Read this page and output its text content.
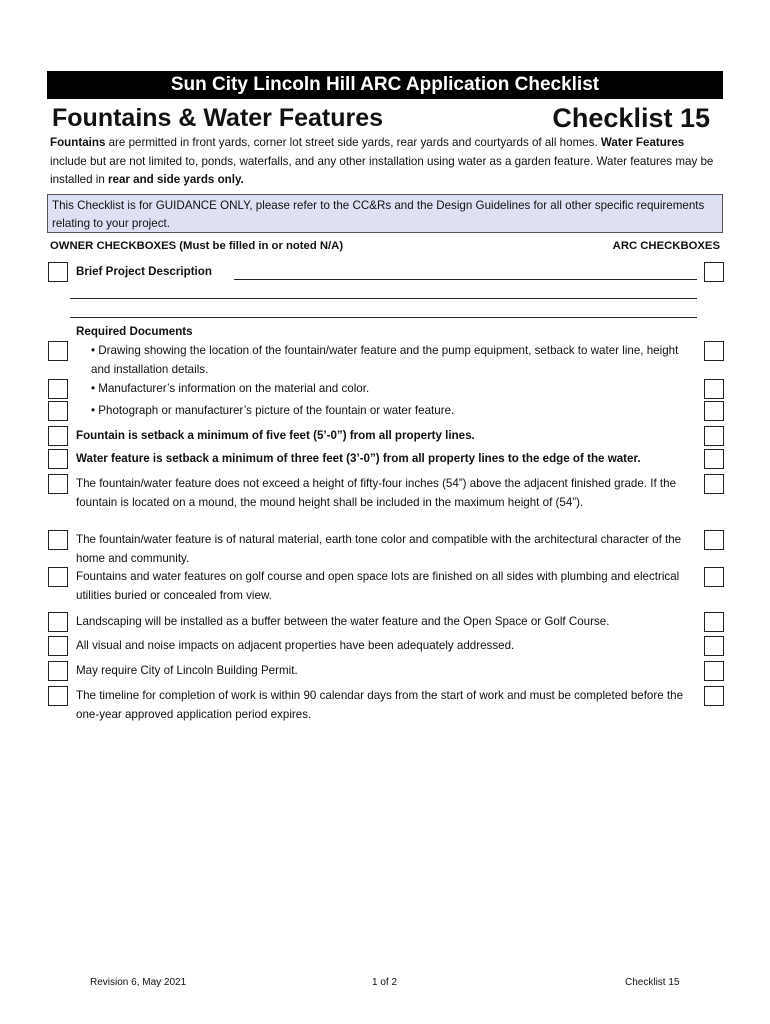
Sun City Lincoln Hill ARC Application Checklist
Fountains & Water Features	Checklist 15
Fountains are permitted in front yards, corner lot street side yards, rear yards and courtyards of all homes. Water Features include but are not limited to, ponds, waterfalls, and any other installation using water as a garden feature. Water features may be installed in rear and side yards only.
This Checklist is for GUIDANCE ONLY, please refer to the CC&Rs and the Design Guidelines for all other specific requirements relating to your project.
OWNER CHECKBOXES (Must be filled in or noted N/A)	ARC CHECKBOXES
Brief Project Description
Required Documents
• Drawing showing the location of the fountain/water feature and the pump equipment, setback to water line, height and installation details.
• Manufacturer’s information on the material and color.
• Photograph or manufacturer’s picture of the fountain or water feature.
Fountain is setback a minimum of five feet (5’-0”) from all property lines.
Water feature is setback a minimum of three feet (3’-0”) from all property lines to the edge of the water.
The fountain/water feature does not exceed a height of fifty-four inches (54”) above the adjacent finished grade. If the fountain is located on a mound, the mound height shall be included in the maximum height of (54”).
The fountain/water feature is of natural material, earth tone color and compatible with the architectural character of the home and community.
Fountains and water features on golf course and open space lots are finished on all sides with plumbing and electrical utilities buried or concealed from view.
Landscaping will be installed as a buffer between the water feature and the Open Space or Golf Course.
All visual and noise impacts on adjacent properties have been adequately addressed.
May require City of Lincoln Building Permit.
The timeline for completion of work is within 90 calendar days from the start of work and must be completed before the one-year approved application period expires.
Revision 6, May 2021	1 of 2	Checklist 15
